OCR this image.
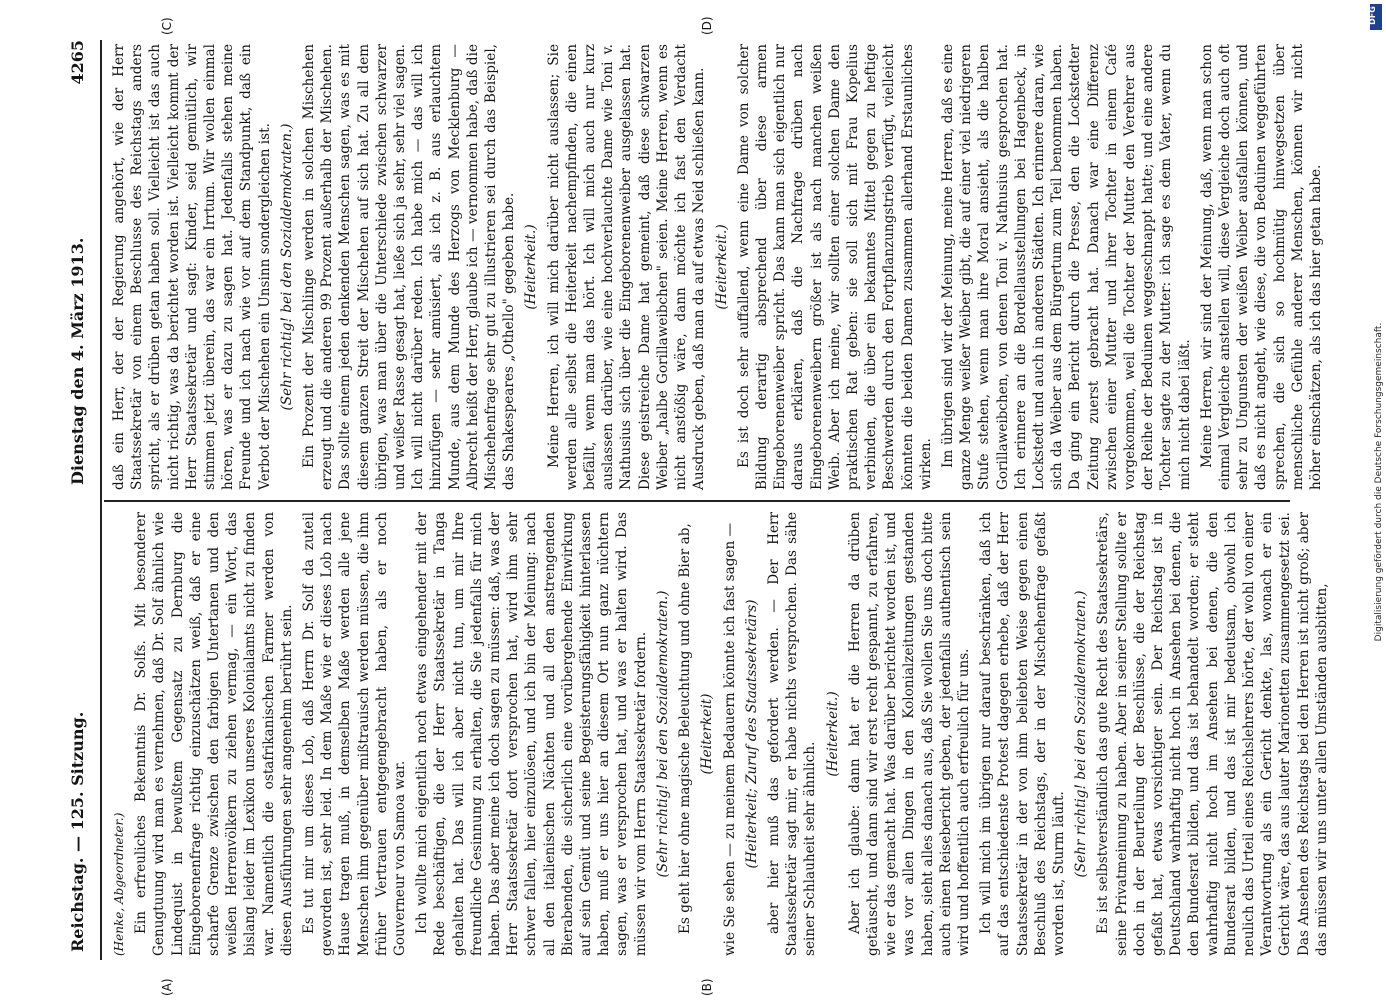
Reichstag. — 125. Sitzung.
Dienstag den 4. März 1913.
4265

(Henke, Abgeordneter.) Ein erfreuliches Bekenntnis Dr. Solfs. Mit besonderer Genugtuung wird man es vernehmen, daß Dr. Solf ähnlich wie Lindequist in bewußtem Gegensatz zu Dernburg die Eingeborenenfrage richtig einzuschätzen weiß, daß er eine scharfe Grenze zwischen den farbigen Untertanen und den weißen Herrenvölkern zu ziehen vermag, — ein Wort, das bislang leider im Lexikon unseres Kolonialamts nicht zu finden war. Namentlich die ostafrikanischen Farmer werden von diesen Ausführungen sehr angenehm berührt sein. Es tut mir um dieses Lob, daß Herrn Dr. Solf da zuteil geworden ist, sehr leid. In dem Maße wie er dieses Lob nach Hause tragen muß, in demselben Maße werden alle jene Menschen ihm gegenüber mißtrauisch werden müssen, die ihm früher Vertrauen entgegengebracht haben, als er noch Gouverneur von Samoa war. Ich wollte mich eigentlich noch etwas eingehender mit der Rede beschäftigen, die der Herr Staatssekretär in Tanga gehalten hat. Das will ich aber nicht tun, um mir Ihre freundliche Gesinnung zu erhalten, die Sie jedenfalls für mich haben. Das aber meine ich doch sagen zu müssen: daß, was der Herr Staatssekretär dort versprochen hat, wird ihm sehr schwer fallen, hier einzulösen, und ich bin der Meinung: nach all den italienischen Nächten und all den anstrengenden Bierabenden, die sicherlich eine vorübergehende Einwirkung auf sein Gemüt und seine Begeisterungsfähigkeit hinterlassen haben, muß er uns hier an diesem Ort nun ganz nüchtern sagen, was er versprochen hat, und was er halten wird. Das müssen wir vom Herrn Staatssekretär fordern. (Sehr richtig! bei den Sozialdemokraten.) Es geht hier ohne magische Beleuchtung und ohne Bier ab, (Heiterkeit) wie Sie sehen — zu meinem Bedauern könnte ich fast sagen — (Heiterkeit; Zuruf des Staatssekretärs) aber hier muß das gefordert werden. — Der Herr Staatssekretär sagt mir, er habe nichts versprochen. Das sähe seiner Schlauheit sehr ähnlich.

(Heiterkeit.) Aber ich glaube: dann hat er die Herren da drüben getäuscht, und dann sind wir erst recht gespannt, zu erfahren, wie er das gemacht hat. Was darüber berichtet worden ist, und was vor allen Dingen in den Kolonialzeitungen gestanden haben, sieht alles danach aus, daß Sie wollen Sie uns doch bitte auch einen Reisebericht geben, der jedenfalls authentisch sein wird und hoffentlich auch erfreulich für uns. Ich will mich im übrigen nur darauf beschränken, daß ich auf das entschiedenste Protest dagegen erhebe, daß der Herr Staatssekretär in der von ihm beliebten Weise gegen einen Beschluß des Reichstags, der in der Mischehenfrage gefaßt worden ist, Sturm läuft. (Sehr richtig! bei den Sozialdemokraten.) Es ist selbstverständlich das gute Recht des Staatssekretärs, seine Privatmeinung zu haben. Aber in seiner Stellung sollte er doch in der Beurteilung der Beschlüsse, die der Reichstag gefaßt hat, etwas vorsichtiger sein. Der Reichstag ist in Deutschland wahrhaftig nicht hoch in Ansehen bei denen, die den Bundesrat bilden, und das ist behandelt worden; er steht wahrhaftig nicht hoch im Ansehen bei denen, die den Bundesrat bilden, und das ist mir bedeutsam, obwohl ich neulich das Urteil eines Reichslehrers hörte, der wohl von einer Verantwortung als ein Gericht denkte, las, wonach er ein Gericht wäre, das aus lauter Marionetten zusammengesetzt sei. Das Ansehen des Reichstags bei den Herren ist nicht groß; aber das müssen wir uns unter allen Umständen ausbitten,

daß ein Herr, der der Regierung angehört, wie der Herr Staatssekretär von einem Beschlusse des Reichstags anders spricht, als er drüben getan haben soll. Vielleicht ist das auch nicht richtig, was da berichtet worden ist. Vielleicht kommt der Herr Staatssekretär und sagt: Kinder, seid gemütlich, wir stimmen jetzt überein, das war ein Irrtum. Wir wollen einmal hören, was er dazu zu sagen hat. Jedenfalls stehen meine Freunde und ich nach wie vor auf dem Standpunkt, daß ein Verbot der Mischehen ein Unsinn sondergleichen ist. (Sehr richtig! bei den Sozialdemokraten.) Ein Prozent der Mischlinge werden in solchen Mischehen erzeugt und die anderen 99 Prozent außerhalb der Mischehen. Das sollte einem jeden denkenden Menschen sagen, was es mit diesem ganzen Streit der Mischehen auf sich hat. Zu all dem übrigen, was man über die Unterschiede zwischen schwarzer und weißer Rasse gesagt hat, ließe sich ja sehr, sehr viel sagen. Ich will nicht darüber reden. Ich habe mich — das will ich hinzufügen — sehr amüsiert, als ich z. B. aus erlauchtem Munde, aus dem Munde des Herzogs von Mecklenburg — Albrecht heißt der Herr, glaube ich — vernommen habe, daß die Mischehenfrage sehr gut zu illustrieren sei durch das Beispiel, das Shakespeares „Othello" gegeben habe. (Heiterkeit.) Meine Herren, ich will mich darüber nicht auslassen; Sie werden alle selbst die Heiterkeit nachempfinden, die einen befällt, wenn man das hört. Ich will mich auch nur kurz auslassen darüber, wie eine hochverlauchte Dame wie Toni v. Nathusius sich über die Eingeborenenweiber ausgelassen hat. Diese geistreiche Dame hat gemeint, daß diese schwarzen Weiber „halbe Gorillaweibchen" seien. Meine Herren, wenn es nicht anstößig wäre, dann möchte ich fast den Verdacht Ausdruck geben, daß man da auf etwas Neid schließen kann. (Heiterkeit.) Es ist doch sehr auffallend, wenn eine Dame von solcher Bildung derartig absprechend über diese armen Eingeborenenweiber spricht. Das kann man sich eigentlich nur daraus erklären, daß die Nachfrage drüben nach Eingeborenenweibern größer ist als nach manchen weißen Weib. Aber ich meine, wir sollten einer solchen Dame den praktischen Rat geben: sie soll sich mit Frau Kopelius verbinden, die über ein bekanntes Mittel gegen zu heftige Beschwerden durch den Fortpflanzungstrieb verfügt, vielleicht könnten die beiden Damen zusammen allerhand Erstaunliches wirken. Im übrigen sind wir der Meinung, meine Herren, daß es eine ganze Menge weißer Weiber gibt, die auf einer viel niedrigeren Stufe stehen, wenn man ihre Moral ansieht, als die halben Gorillaweibchen, von denen Toni v. Nathusius gesprochen hat. Ich erinnere an die Bordellausstellungen bei Hagenbeck, in Lockstedt und auch in anderen Städten. Ich erinnere daran, wie sich da Weiber aus dem Bürgertum zum Teil benommen haben. Da ging ein Bericht durch die Presse, den die Lockstedter Zeitung zuerst gebracht hat. Danach war eine Differenz zwischen einer Mutter und ihrer Tochter in einem Café vorgekommen, weil die Tochter der Mutter den Verehrer aus der Reihe der Beduinen weggeschnappt hatte; und eine andere Tochter sagte zu der Mutter: ich sage es dem Vater, wenn du mich nicht dabei läßt. Meine Herren, wir sind der Meinung, daß, wenn man schon einmal Vergleiche anstellen will, diese Vergleiche doch auch oft sehr zu Ungunsten der weißen Weiber ausfallen können, und daß es nicht angeht, wie diese, die von Beduinen weggeführten sprechen, die sich so hochmütig hinwegsetzen über menschliche Gefühle anderer Menschen, können wir nicht höher einschätzen, als ich das hier getan habe.

(A)	(B)
(C)	(D)
DFG
Digitalisierung gefördert durch die Deutsche Forschungsgemeinschaft.
